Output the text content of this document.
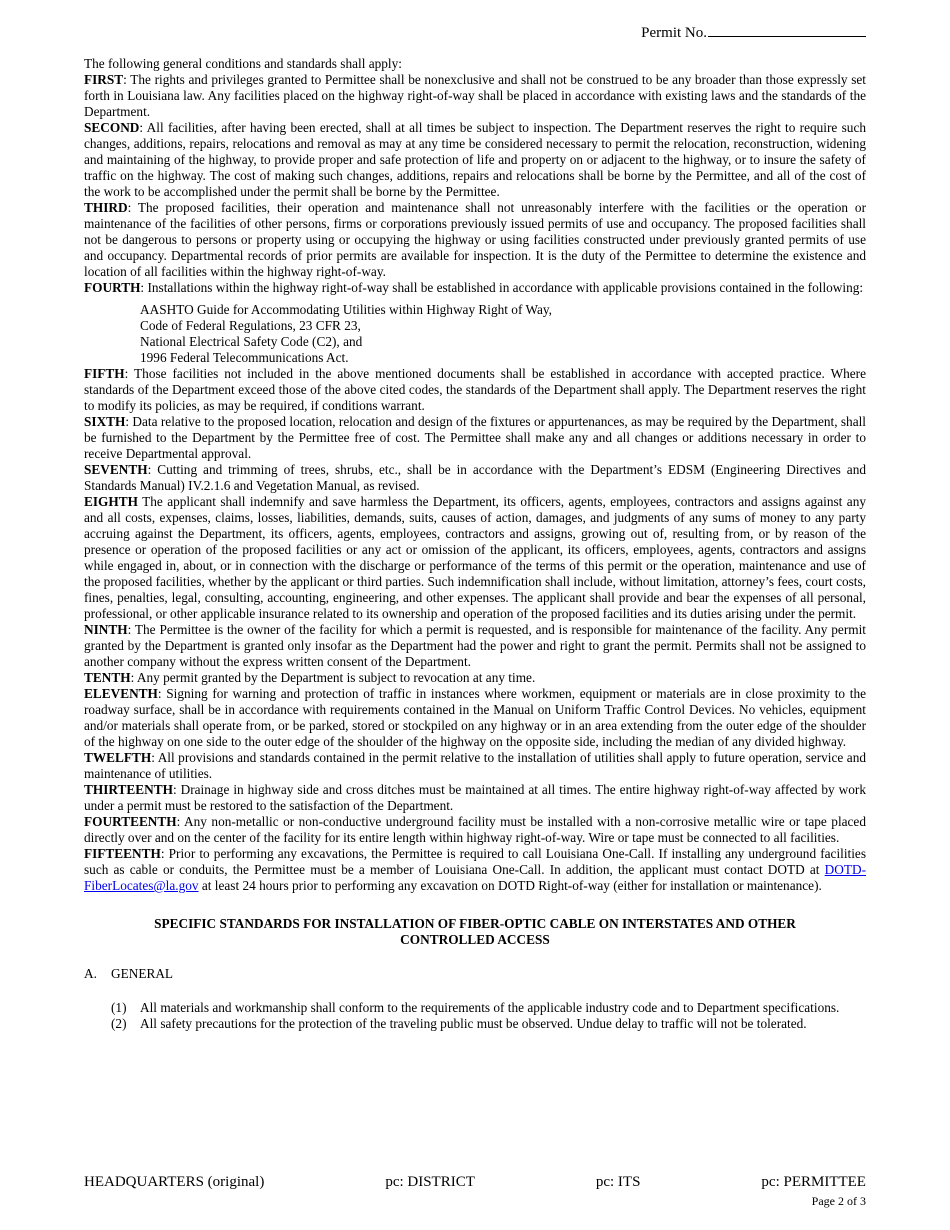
Permit No.

The following general conditions and standards shall apply:

FIRST: The rights and privileges granted to Permittee shall be nonexclusive and shall not be construed to be any broader than those expressly set forth in Louisiana law. Any facilities placed on the highway right-of-way shall be placed in accordance with existing laws and the standards of the Department.

SECOND: All facilities, after having been erected, shall at all times be subject to inspection. The Department reserves the right to require such changes, additions, repairs, relocations and removal as may at any time be considered necessary to permit the relocation, reconstruction, widening and maintaining of the highway, to provide proper and safe protection of life and property on or adjacent to the highway, or to insure the safety of traffic on the highway. The cost of making such changes, additions, repairs and relocations shall be borne by the Permittee, and all of the cost of the work to be accomplished under the permit shall be borne by the Permittee.

THIRD: The proposed facilities, their operation and maintenance shall not unreasonably interfere with the facilities or the operation or maintenance of the facilities of other persons, firms or corporations previously issued permits of use and occupancy. The proposed facilities shall not be dangerous to persons or property using or occupying the highway or using facilities constructed under previously granted permits of use and occupancy. Departmental records of prior permits are available for inspection. It is the duty of the Permittee to determine the existence and location of all facilities within the highway right-of-way.

FOURTH: Installations within the highway right-of-way shall be established in accordance with applicable provisions contained in the following:

AASHTO Guide for Accommodating Utilities within Highway Right of Way,
Code of Federal Regulations, 23 CFR 23,
National Electrical Safety Code (C2), and
1996 Federal Telecommunications Act.

FIFTH: Those facilities not included in the above mentioned documents shall be established in accordance with accepted practice. Where standards of the Department exceed those of the above cited codes, the standards of the Department shall apply. The Department reserves the right to modify its policies, as may be required, if conditions warrant.

SIXTH: Data relative to the proposed location, relocation and design of the fixtures or appurtenances, as may be required by the Department, shall be furnished to the Department by the Permittee free of cost. The Permittee shall make any and all changes or additions necessary in order to receive Departmental approval.

SEVENTH: Cutting and trimming of trees, shrubs, etc., shall be in accordance with the Department’s EDSM (Engineering Directives and Standards Manual) IV.2.1.6 and Vegetation Manual, as revised.

EIGHTH The applicant shall indemnify and save harmless the Department, its officers, agents, employees, contractors and assigns against any and all costs, expenses, claims, losses, liabilities, demands, suits, causes of action, damages, and judgments of any sums of money to any party accruing against the Department, its officers, agents, employees, contractors and assigns, growing out of, resulting from, or by reason of the presence or operation of the proposed facilities or any act or omission of the applicant, its officers, employees, agents, contractors and assigns while engaged in, about, or in connection with the discharge or performance of the terms of this permit or the operation, maintenance and use of the proposed facilities, whether by the applicant or third parties. Such indemnification shall include, without limitation, attorney’s fees, court costs, fines, penalties, legal, consulting, accounting, engineering, and other expenses. The applicant shall provide and bear the expenses of all personal, professional, or other applicable insurance related to its ownership and operation of the proposed facilities and its duties arising under the permit.

NINTH: The Permittee is the owner of the facility for which a permit is requested, and is responsible for maintenance of the facility. Any permit granted by the Department is granted only insofar as the Department had the power and right to grant the permit. Permits shall not be assigned to another company without the express written consent of the Department.

TENTH: Any permit granted by the Department is subject to revocation at any time.

ELEVENTH: Signing for warning and protection of traffic in instances where workmen, equipment or materials are in close proximity to the roadway surface, shall be in accordance with requirements contained in the Manual on Uniform Traffic Control Devices. No vehicles, equipment and/or materials shall operate from, or be parked, stored or stockpiled on any highway or in an area extending from the outer edge of the shoulder of the highway on one side to the outer edge of the shoulder of the highway on the opposite side, including the median of any divided highway.

TWELFTH: All provisions and standards contained in the permit relative to the installation of utilities shall apply to future operation, service and maintenance of utilities.

THIRTEENTH: Drainage in highway side and cross ditches must be maintained at all times. The entire highway right-of-way affected by work under a permit must be restored to the satisfaction of the Department.

FOURTEENTH: Any non-metallic or non-conductive underground facility must be installed with a non-corrosive metallic wire or tape placed directly over and on the center of the facility for its entire length within highway right-of-way. Wire or tape must be connected to all facilities.

FIFTEENTH: Prior to performing any excavations, the Permittee is required to call Louisiana One-Call. If installing any underground facilities such as cable or conduits, the Permittee must be a member of Louisiana One-Call. In addition, the applicant must contact DOTD at DOTD-FiberLocates@la.gov at least 24 hours prior to performing any excavation on DOTD Right-of-way (either for installation or maintenance).

SPECIFIC STANDARDS FOR INSTALLATION OF FIBER-OPTIC CABLE ON INTERSTATES AND OTHER
CONTROLLED ACCESS
A. GENERAL
(1)	All materials and workmanship shall conform to the requirements of the applicable industry code and to Department specifications.
(2)	All safety precautions for the protection of the traveling public must be observed. Undue delay to traffic will not be tolerated.
HEADQUARTERS (original)	pc: DISTRICT	pc: ITS	pc: PERMITTEE
Page 2 of 3
